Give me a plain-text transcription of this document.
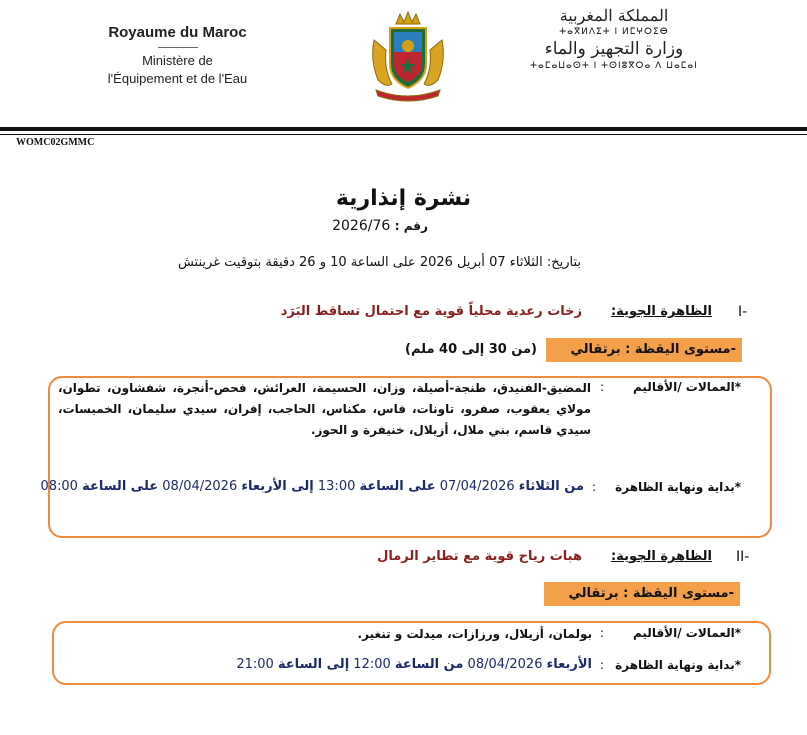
Royaume du Maroc
Ministère de
l'Équipement et de l'Eau
المملكة المغربية
ⵜⴰⴳⵍⴷⵉⵜ ⵏ ⵍⵎⵖⵔⵉⴱ
وزارة التجهيز والماء
ⵜⴰⵎⴰⵡⴰⵙⵜ ⵏ ⵜⵙⵏⵓⴳⵔⴰ ⴷ ⵡⴰⵎⴰⵏ
WOMC02GMMC
نشرة إنذارية
رقم : 2026/76
بتاريخ: الثلاثاء 07 أبريل 2026 على الساعة 10 و 26 دقيقة بتوقيت غرينتش
I-
الظاهرة الجوية:
زخات رعدية محلياً قوية مع احتمال تساقط البَرَد
-مستوى اليقظة : برتقالي
(من 30 إلى 40 ملم)
*العمالات /الأقاليم
:
المضيق-الفنيدق، طنجة-أصيلة، وزان، الحسيمة، العرائش، فحص-أنجرة، شفشاون، تطوان، مولاي يعقوب، صفرو، تاونات، فاس، مكناس، الحاجب، إفران، سيدي سليمان، الخميسات، سيدي قاسم، بني ملال، أزيلال، خنيفرة و الحوز.
*بداية ونهاية الظاهرة
:
من الثلاثاء 07/04/2026 على الساعة 13:00 إلى الأربعاء 08/04/2026 على الساعة 08:00
II-
الظاهرة الجوية:
هبات رياح قوية مع تطاير الرمال
-مستوى اليقظة : برتقالي
*العمالات /الأقاليم
:
بولمان، أزيلال، ورزازات، ميدلت و تنغير.
*بداية ونهاية الظاهرة
:
الأربعاء 08/04/2026 من الساعة 12:00 إلى الساعة 21:00
